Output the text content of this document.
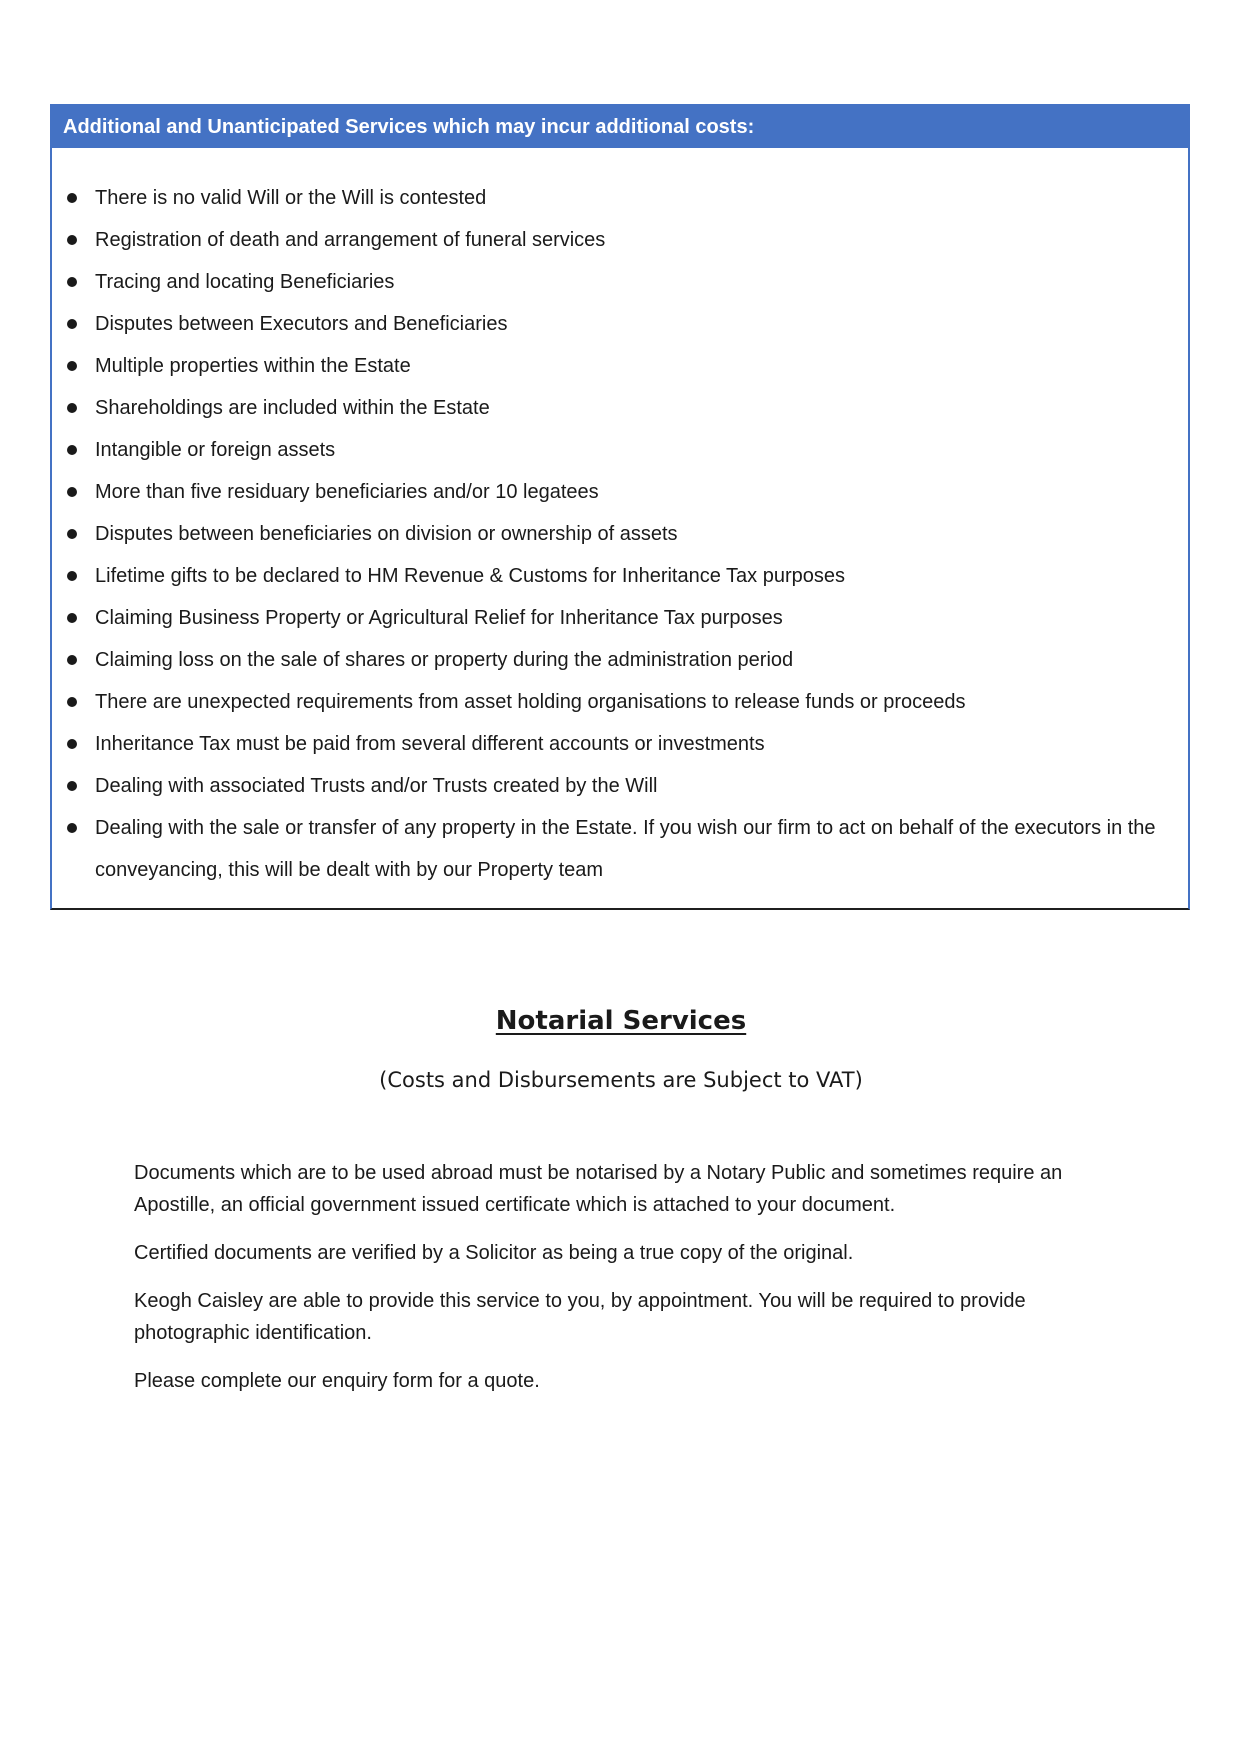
Additional and Unanticipated Services which may incur additional costs:
There is no valid Will or the Will is contested
Registration of death and arrangement of funeral services
Tracing and locating Beneficiaries
Disputes between Executors and Beneficiaries
Multiple properties within the Estate
Shareholdings are included within the Estate
Intangible or foreign assets
More than five residuary beneficiaries and/or 10 legatees
Disputes between beneficiaries on division or ownership of assets
Lifetime gifts to be declared to HM Revenue & Customs for Inheritance Tax purposes
Claiming Business Property or Agricultural Relief for Inheritance Tax purposes
Claiming loss on the sale of shares or property during the administration period
There are unexpected requirements from asset holding organisations to release funds or proceeds
Inheritance Tax must be paid from several different accounts or investments
Dealing with associated Trusts and/or Trusts created by the Will
Dealing with the sale or transfer of any property in the Estate. If you wish our firm to act on behalf of the executors in the conveyancing, this will be dealt with by our Property team
Notarial Services
(Costs and Disbursements are Subject to VAT)

Documents which are to be used abroad must be notarised by a Notary Public and sometimes require an Apostille, an official government issued certificate which is attached to your document.

Certified documents are verified by a Solicitor as being a true copy of the original.

Keogh Caisley are able to provide this service to you, by appointment. You will be required to provide photographic identification.

Please complete our enquiry form for a quote.
